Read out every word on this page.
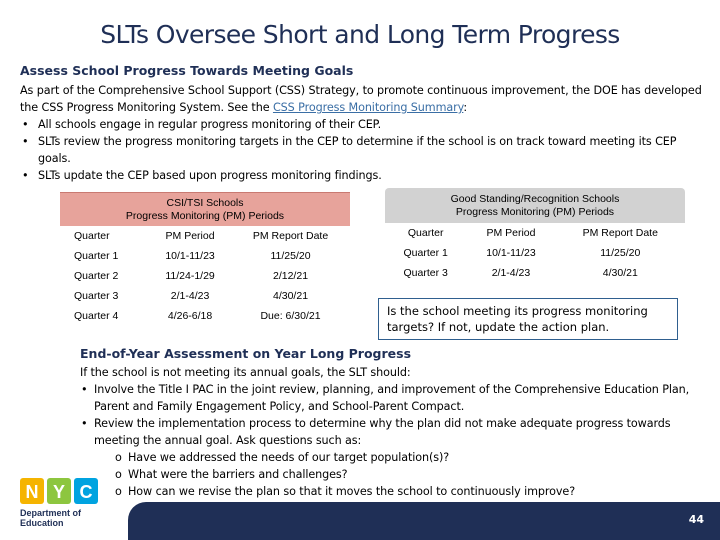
SLTs Oversee Short and Long Term Progress
Assess School Progress Towards Meeting Goals

As part of the Comprehensive School Support (CSS) Strategy, to promote continuous improvement, the DOE has developed the CSS Progress Monitoring System. See the CSS Progress Monitoring Summary:

• All schools engage in regular progress monitoring of their CEP.
• SLTs review the progress monitoring targets in the CEP to determine if the school is on track toward meeting its CEP goals.
• SLTs update the CEP based upon progress monitoring findings.
CSI/TSI Schools
Progress Monitoring (PM) Periods
Quarter	PM Period	PM Report Date
Quarter 1	10/1-11/23	11/25/20
Quarter 2	11/24-1/29	2/12/21
Quarter 3	2/1-4/23	4/30/21
Quarter 4	4/26-6/18	Due: 6/30/21
Good Standing/Recognition Schools
Progress Monitoring (PM) Periods
Quarter	PM Period	PM Report Date
Quarter 1	10/1-11/23	11/25/20
Quarter 3	2/1-4/23	4/30/21
Is the school meeting its progress monitoring targets? If not, update the action plan.
End-of-Year Assessment on Year Long Progress

If the school is not meeting its annual goals, the SLT should:

• Involve the Title I PAC in the joint review, planning, and improvement of the Comprehensive Education Plan, Parent and Family Engagement Policy, and School-Parent Compact.
• Review the implementation process to determine why the plan did not make adequate progress towards meeting the annual goal. Ask questions such as:
o Have we addressed the needs of our target population(s)?
o What were the barriers and challenges?
o How can we revise the plan so that it moves the school to continuously improve?
N Y C
Department of
Education	44
